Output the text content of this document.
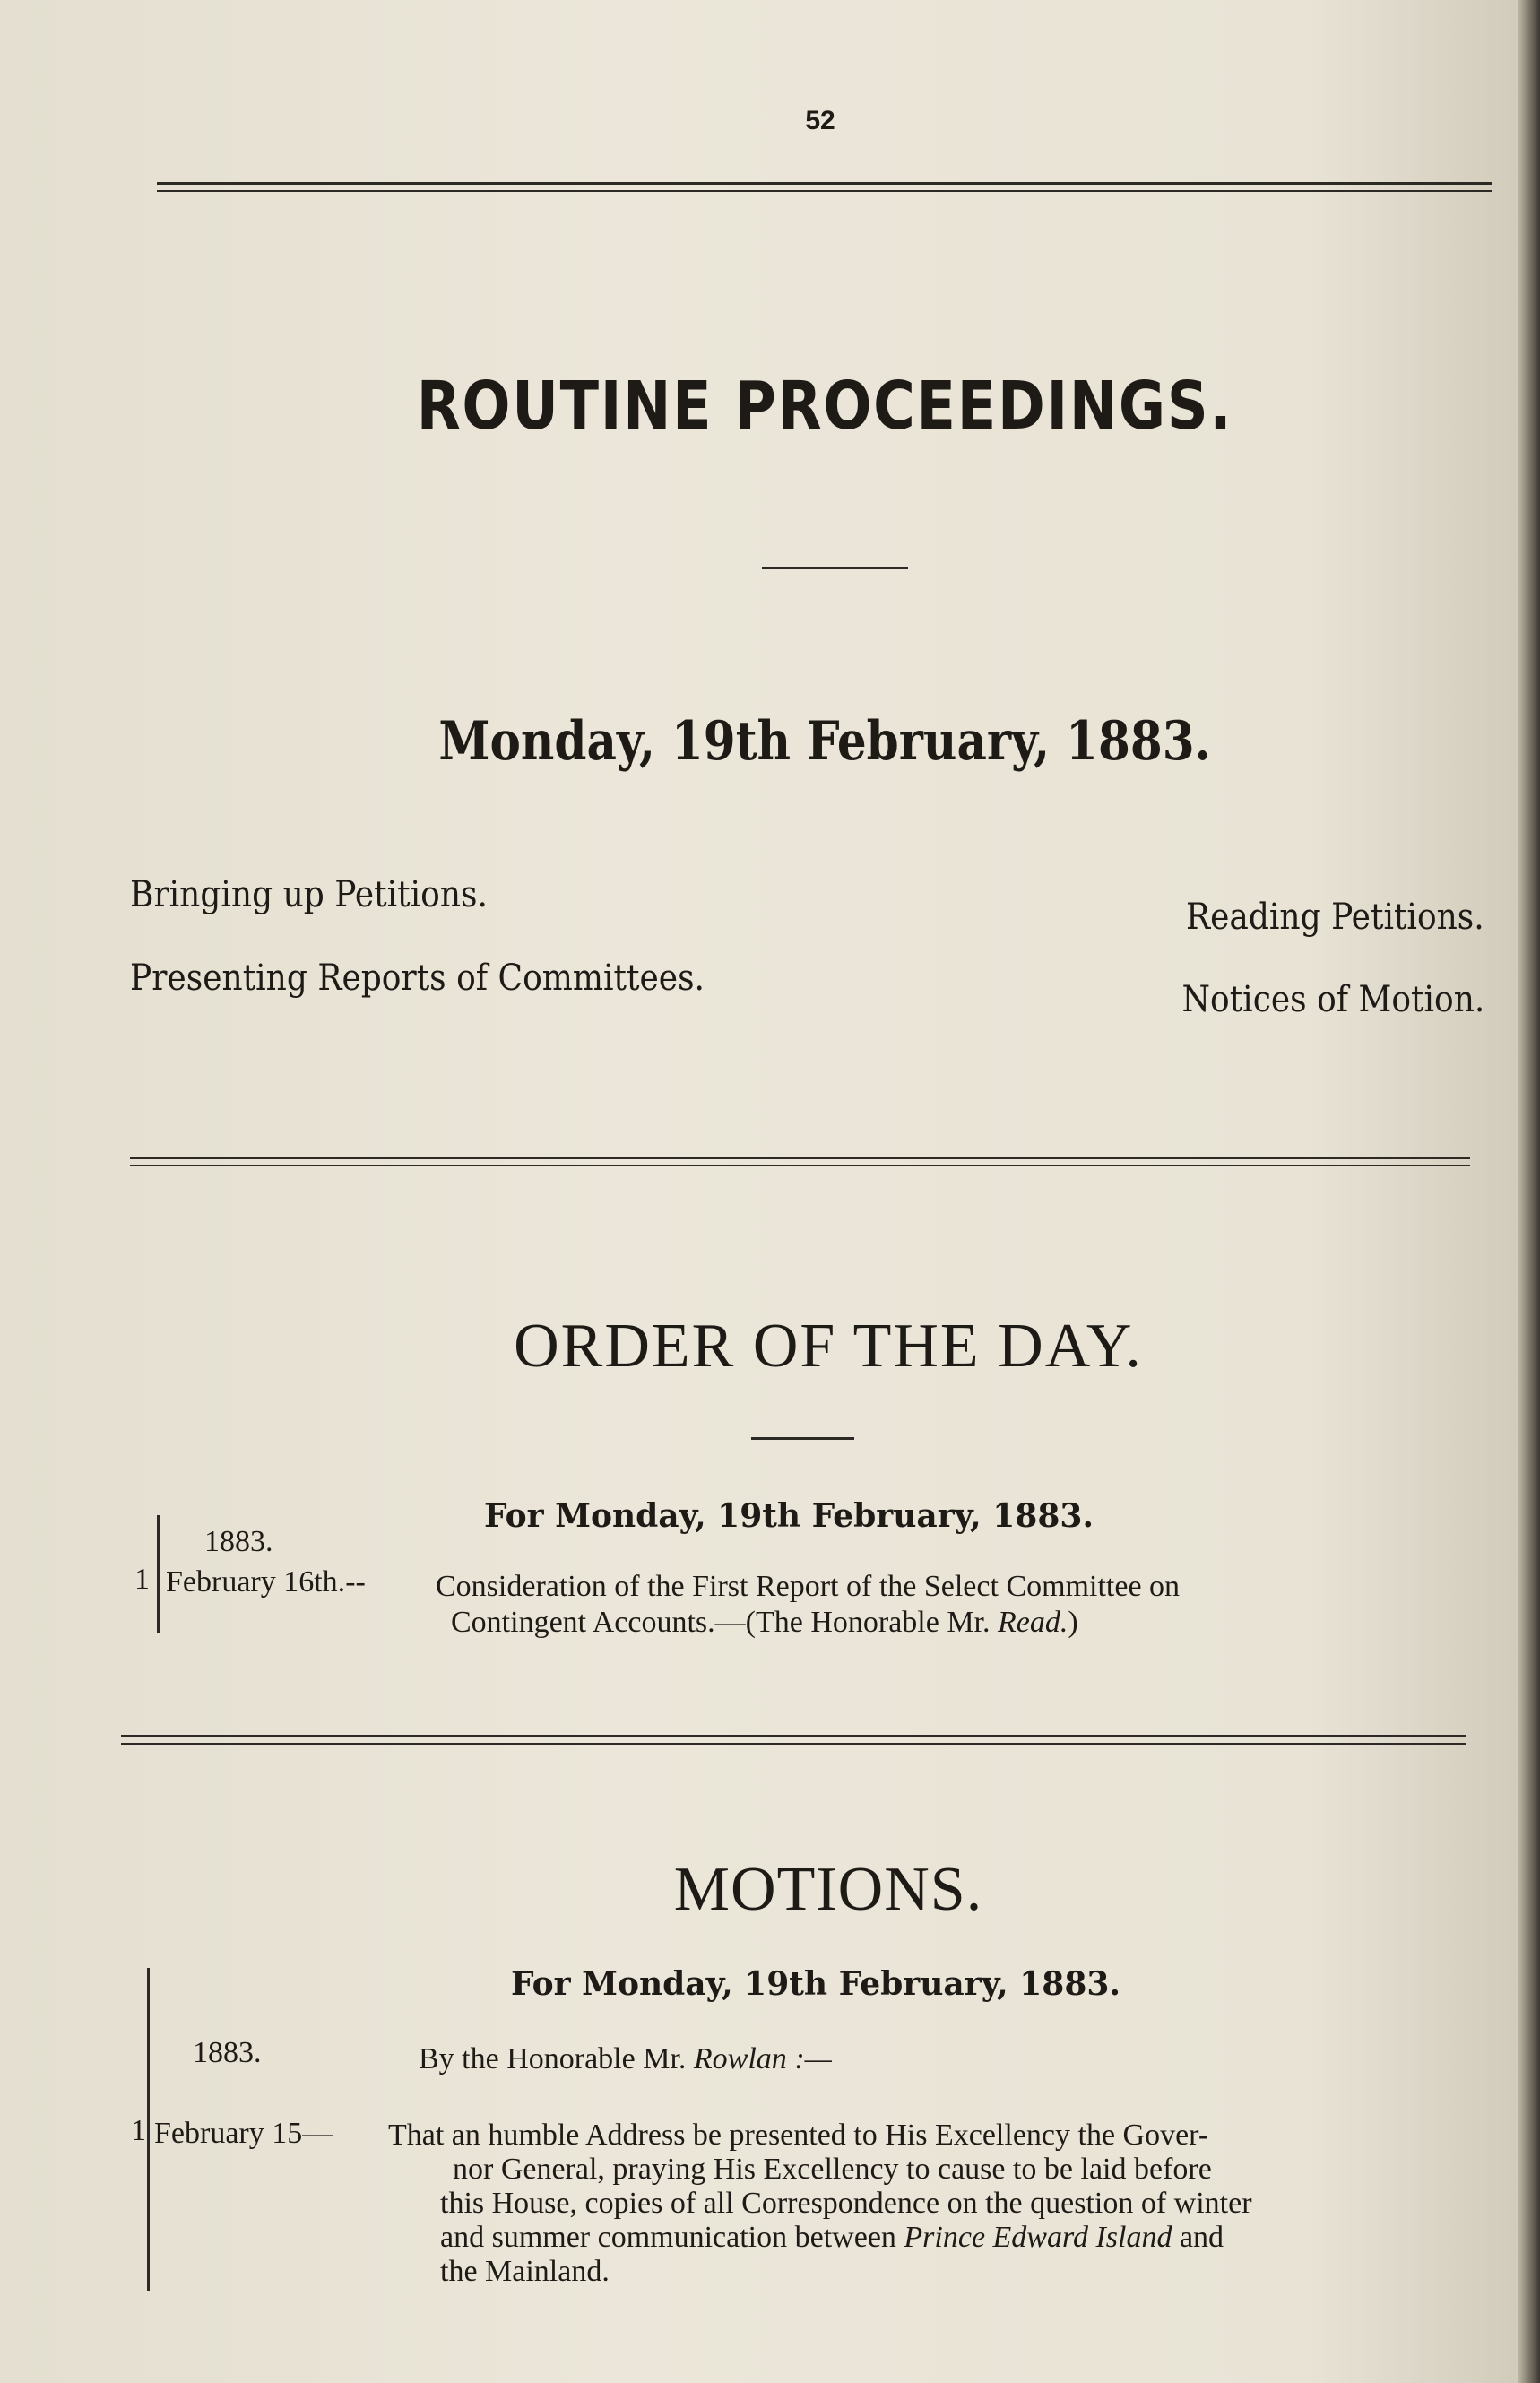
52
ROUTINE PROCEEDINGS.
Monday, 19th February, 1883.
Bringing up Petitions.
Presenting Reports of Committees.
Reading Petitions.
Notices of Motion.
ORDER OF THE DAY.
For Monday, 19th February, 1883.
1883.
1 February 16th.-- Consideration of the First Report of the Select Committee on
Contingent Accounts.—(The Honorable Mr. Read.)
MOTIONS.
For Monday, 19th February, 1883.
1883.	By the Honorable Mr. Rowlan :—
1 February 15— That an humble Address be presented to His Excellency the Gover-
nor General, praying His Excellency to cause to be laid before
this House, copies of all Correspondence on the question of winter
and summer communication between Prince Edward Island and
the Mainland.
